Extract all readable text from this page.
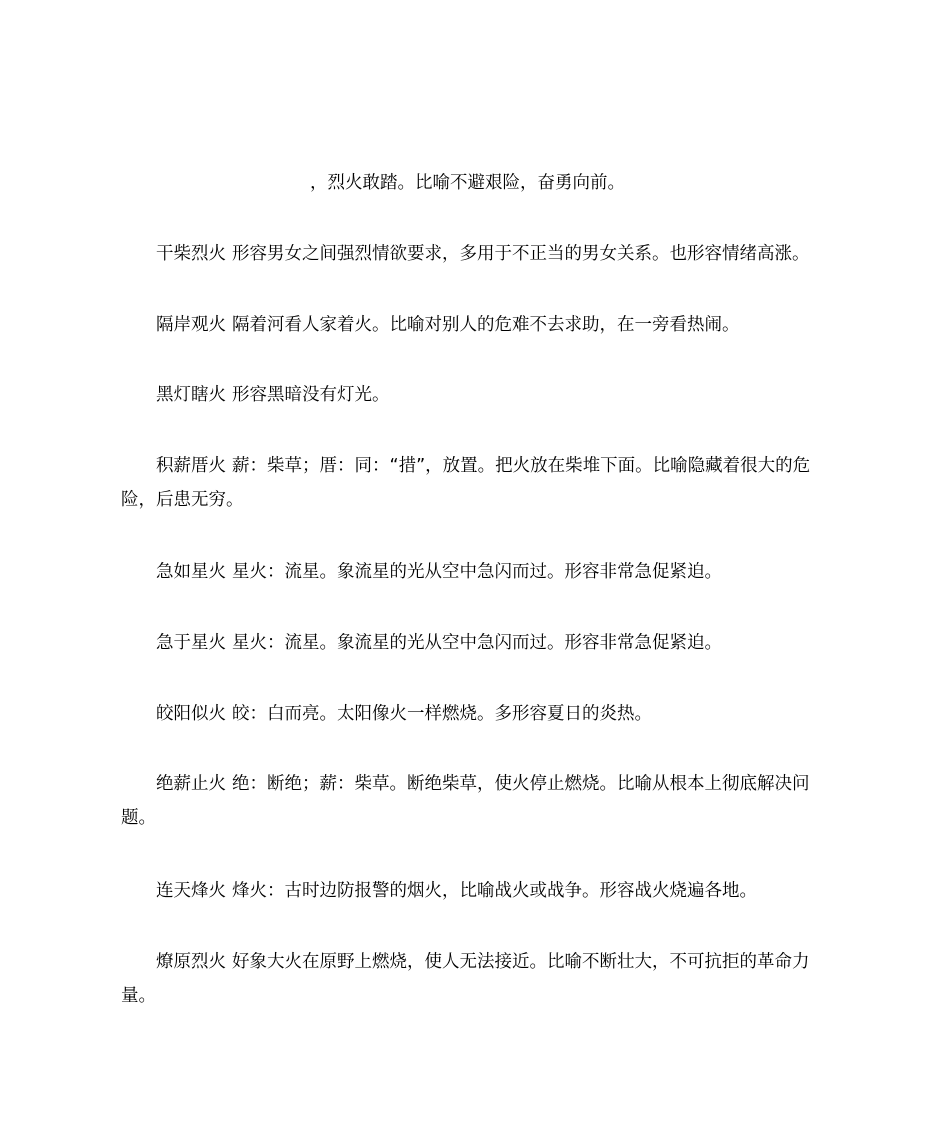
，烈火敢踏。比喻不避艰险，奋勇向前。

干柴烈火 形容男女之间强烈情欲要求，多用于不正当的男女关系。也形容情绪高涨。

隔岸观火 隔着河看人家着火。比喻对别人的危难不去求助，在一旁看热闹。

黑灯瞎火 形容黑暗没有灯光。

积薪厝火 薪：柴草；厝：同：“措”，放置。把火放在柴堆下面。比喻隐藏着很大的危险，后患无穷。

急如星火 星火：流星。象流星的光从空中急闪而过。形容非常急促紧迫。

急于星火 星火：流星。象流星的光从空中急闪而过。形容非常急促紧迫。

皎阳似火 皎：白而亮。太阳像火一样燃烧。多形容夏日的炎热。

绝薪止火 绝：断绝；薪：柴草。断绝柴草，使火停止燃烧。比喻从根本上彻底解决问题。

连天烽火 烽火：古时边防报警的烟火，比喻战火或战争。形容战火烧遍各地。

燎原烈火 好象大火在原野上燃烧，使人无法接近。比喻不断壮大，不可抗拒的革命力量。
